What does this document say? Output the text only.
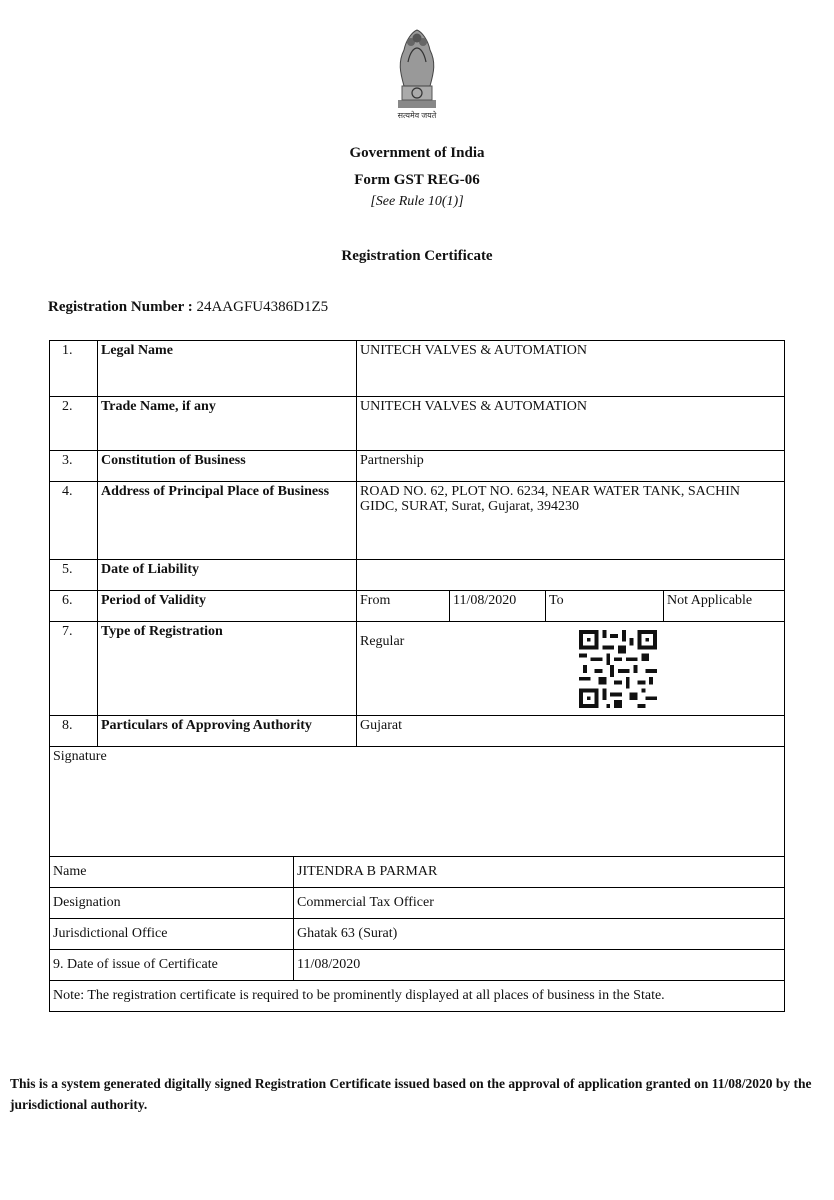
सत्यमेव जयते
Government of India
Form GST REG-06
[See Rule 10(1)]
Registration Certificate
Registration Number : 24AAGFU4386D1Z5
1.	Legal Name	UNITECH VALVES & AUTOMATION
2.	Trade Name, if any	UNITECH VALVES & AUTOMATION
3.	Constitution of Business	Partnership
4.	Address of Principal Place of Business	ROAD NO. 62, PLOT NO. 6234, NEAR WATER TANK, SACHIN GIDC, SURAT, Surat, Gujarat, 394230
5.	Date of Liability	
6.	Period of Validity	From	11/08/2020	To	Not Applicable
7.	Type of Registration	Regular
8.	Particulars of Approving Authority	Gujarat
Signature
Name	JITENDRA B PARMAR
Designation	Commercial Tax Officer
Jurisdictional Office	Ghatak 63 (Surat)
9. Date of issue of Certificate	11/08/2020
Note: The registration certificate is required to be prominently displayed at all places of business in the State.
This is a system generated digitally signed Registration Certificate issued based on the approval of application granted on 11/08/2020 by the jurisdictional authority.
